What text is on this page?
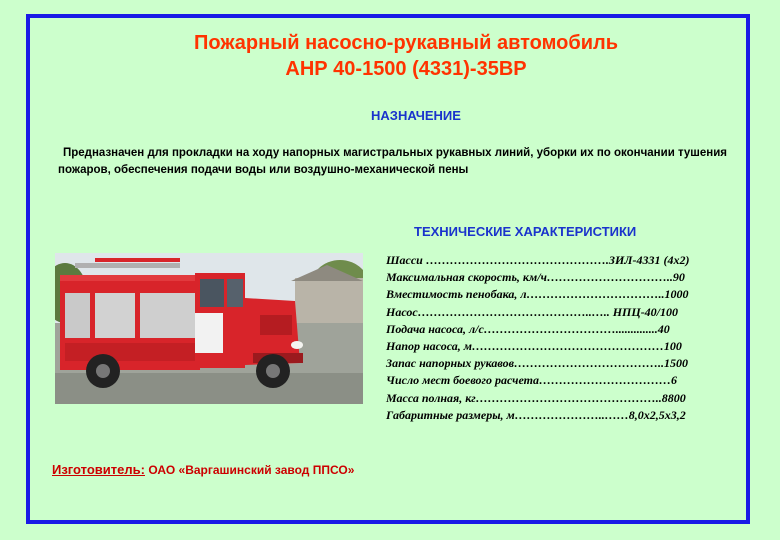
Пожарный насосно-рукавный автомобиль
АНР 40-1500 (4331)-35ВР
НАЗНАЧЕНИЕ
Предназначен для прокладки на ходу напорных магистральных рукавных линий, уборки их по окончании тушения пожаров, обеспечения подачи воды или воздушно-механической пены
ТЕХНИЧЕСКИЕ ХАРАКТЕРИСТИКИ
Шасси ……………………………………….ЗИЛ-4331 (4х2)
Максимальная скорость, км/ч…………………………..90
Вместимость пенобака, л……………………………..1000
Насос……………………………………..….. НПЦ-40/100
Подача насоса, л/с……………………………..............40
Напор насоса, м…………………………………………100
Запас напорных рукавов………………………………..1500
Число мест боевого расчета……………………………6
Масса полная, кг………………………………………..8800
Габаритные размеры, м…………………..……8,0х2,5х3,2
Изготовитель: ОАО «Варгашинский завод ППСО»
